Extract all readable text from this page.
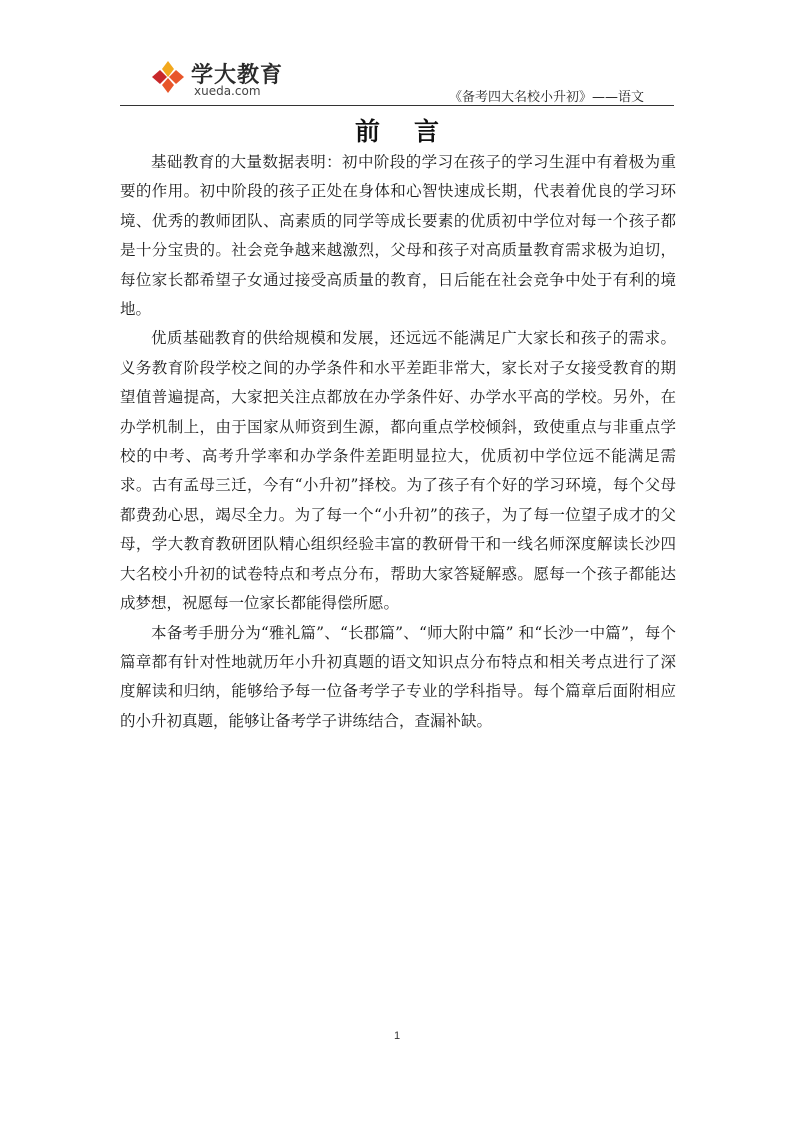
学大教育
xueda.com	《备考四大名校小升初》——语文
前言

基础教育的大量数据表明：初中阶段的学习在孩子的学习生涯中有着极为重要的作用。初中阶段的孩子正处在身体和心智快速成长期，代表着优良的学习环境、优秀的教师团队、高素质的同学等成长要素的优质初中学位对每一个孩子都是十分宝贵的。社会竞争越来越激烈，父母和孩子对高质量教育需求极为迫切，每位家长都希望子女通过接受高质量的教育，日后能在社会竞争中处于有利的境地。

优质基础教育的供给规模和发展，还远远不能满足广大家长和孩子的需求。义务教育阶段学校之间的办学条件和水平差距非常大，家长对子女接受教育的期望值普遍提高，大家把关注点都放在办学条件好、办学水平高的学校。另外，在办学机制上，由于国家从师资到生源，都向重点学校倾斜，致使重点与非重点学校的中考、高考升学率和办学条件差距明显拉大，优质初中学位远不能满足需求。古有孟母三迁，今有“小升初”择校。为了孩子有个好的学习环境，每个父母都费劲心思，竭尽全力。为了每一个“小升初”的孩子，为了每一位望子成才的父母，学大教育教研团队精心组织经验丰富的教研骨干和一线名师深度解读长沙四大名校小升初的试卷特点和考点分布，帮助大家答疑解惑。愿每一个孩子都能达成梦想，祝愿每一位家长都能得偿所愿。

本备考手册分为“雅礼篇”、“长郡篇”、“师大附中篇” 和“长沙一中篇”，每个篇章都有针对性地就历年小升初真题的语文知识点分布特点和相关考点进行了深度解读和归纳，能够给予每一位备考学子专业的学科指导。每个篇章后面附相应的小升初真题，能够让备考学子讲练结合，查漏补缺。

1
